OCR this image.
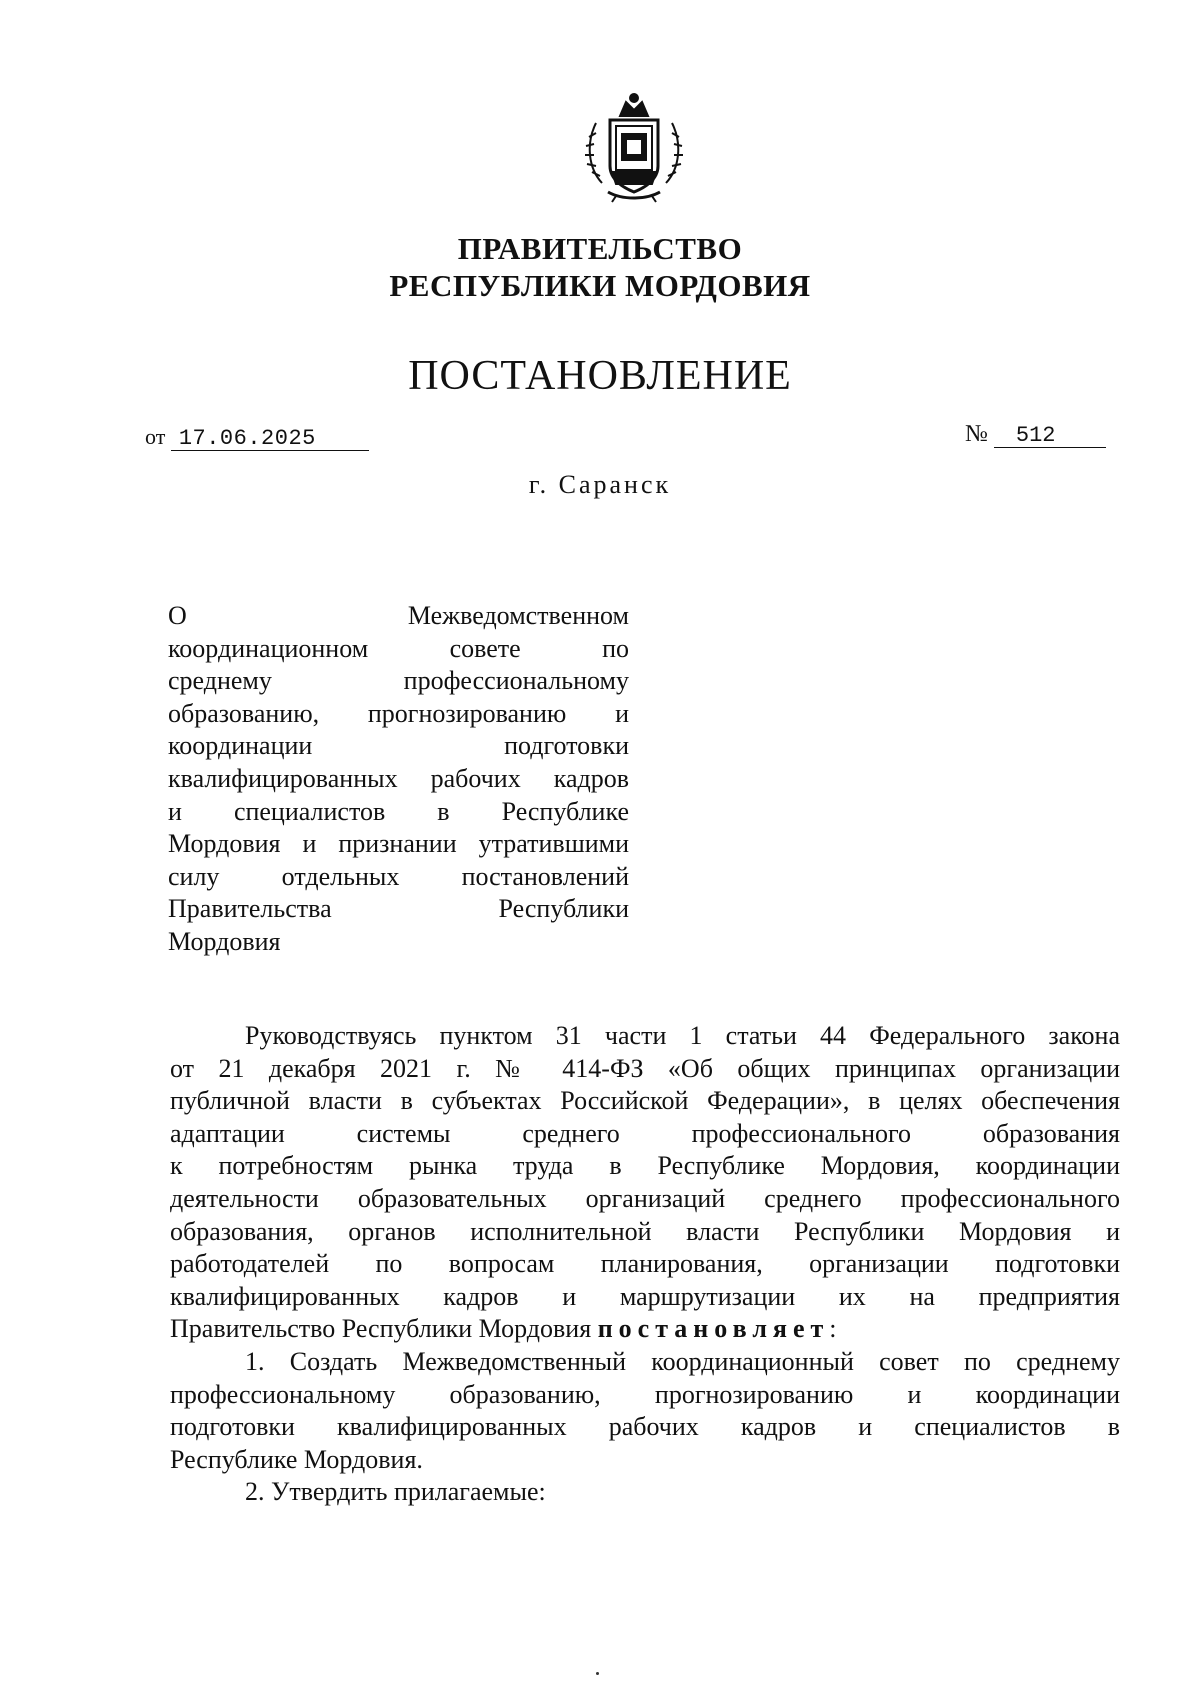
ПРАВИТЕЛЬСТВО
РЕСПУБЛИКИ МОРДОВИЯ
ПОСТАНОВЛЕНИЕ
от 17.06.2025	№ 512
г. Саранск
О Межведомственном
координационном совете по
среднему профессиональному
образованию, прогнозированию и
координации подготовки
квалифицированных рабочих кадров
и специалистов в Республике
Мордовия и признании утратившими
силу отдельных постановлений
Правительства Республики
Мордовия
Руководствуясь пунктом 31 части 1 статьи 44 Федерального закона
от 21 декабря 2021 г. № 414-ФЗ «Об общих принципах организации
публичной власти в субъектах Российской Федерации», в целях обеспечения
адаптации системы среднего профессионального образования
к потребностям рынка труда в Республике Мордовия, координации
деятельности образовательных организаций среднего профессионального
образования, органов исполнительной власти Республики Мордовия и
работодателей по вопросам планирования, организации подготовки
квалифицированных кадров и маршрутизации их на предприятия
Правительство Республики Мордовия постановляет:
1. Создать Межведомственный координационный совет по среднему
профессиональному образованию, прогнозированию и координации
подготовки квалифицированных рабочих кадров и специалистов в
Республике Мордовия.
2. Утвердить прилагаемые:
